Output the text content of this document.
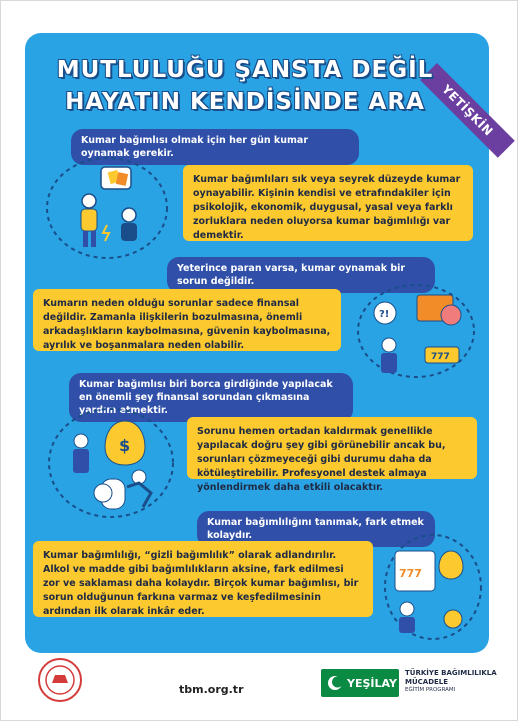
YETİŞKİN
MUTLULUĞU ŞANSTA DEĞİL
HAYATIN KENDİSİNDE ARA
Kumar bağımlısı olmak için her gün kumar oynamak gerekir.
Kumar bağımlıları sık veya seyrek düzeyde kumar oynayabilir. Kişinin kendisi ve etrafındakiler için psikolojik, ekonomik, duygusal, yasal veya farklı zorluklara neden oluyorsa kumar bağımlılığı var demektir.
Yeterince paran varsa, kumar oynamak bir sorun değildir.
Kumarın neden olduğu sorunlar sadece finansal değildir. Zamanla ilişkilerin bozulmasına, önemli arkadaşlıkların kaybolmasına, güvenin kaybolmasına, ayrılık ve boşanmalara neden olabilir.
?!
777
Kumar bağımlısı biri borca girdiğinde yapılacak en önemli şey finansal sorundan çıkmasına yardım etmektir.
$
Sorunu hemen ortadan kaldırmak genellikle yapılacak doğru şey gibi görünebilir ancak bu, sorunları çözmeyeceği gibi durumu daha da kötüleştirebilir. Profesyonel destek almaya yönlendirmek daha etkili olacaktır.
Kumar bağımlılığını tanımak, fark etmek kolaydır.
Kumar bağımlılığı, “gizli bağımlılık” olarak adlandırılır. Alkol ve madde gibi bağımlılıkların aksine, fark edilmesi zor ve saklaması daha kolaydır. Birçok kumar bağımlısı, bir sorun olduğunun farkına varmaz ve keşfedilmesinin ardından ilk olarak inkâr eder.
777
tbm.org.tr	YEŞİLAY
TÜRKİYE BAĞIMLILIKLA
MÜCADELE
EĞİTİM PROGRAMI
